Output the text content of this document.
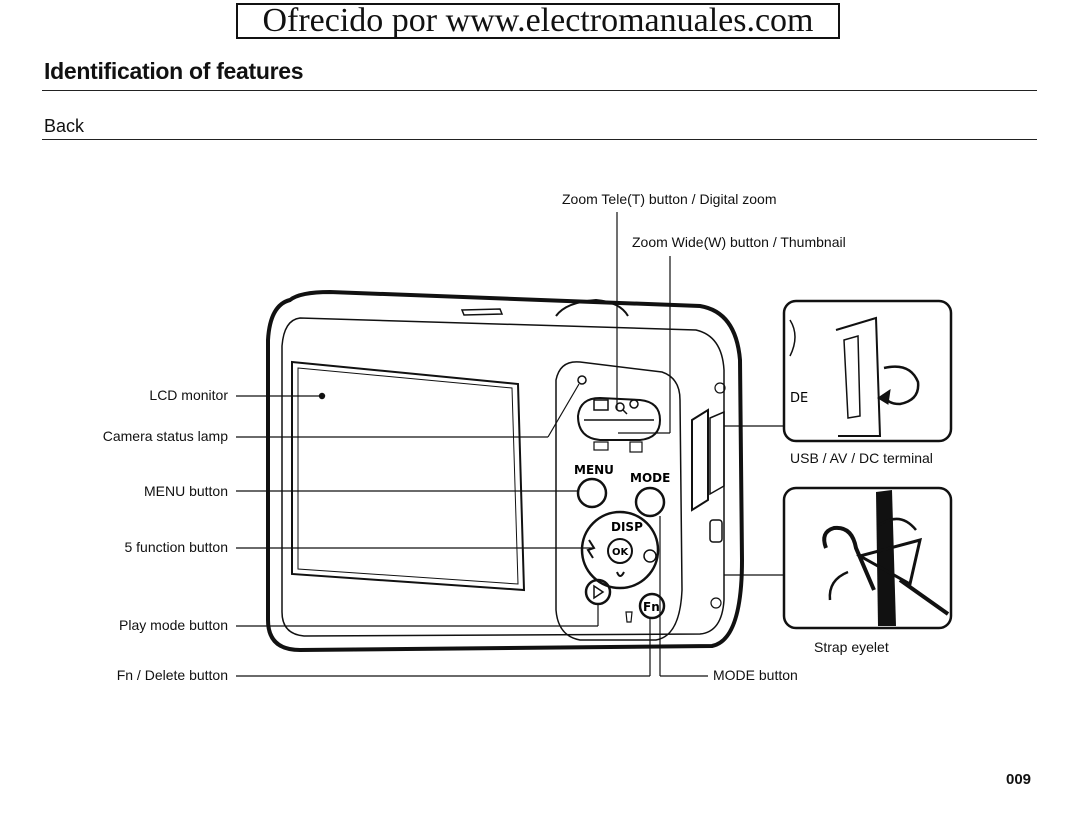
Ofrecido por www.electromanuales.com
Identification of features
Back
MENU
MODE
DISP
OK
Fn
DE
Zoom Tele(T) button / Digital zoom
Zoom Wide(W) button / Thumbnail
LCD monitor
Camera status lamp
MENU button
5 function button
Play mode button
Fn / Delete button
USB / AV / DC terminal
Strap eyelet
MODE button
009
